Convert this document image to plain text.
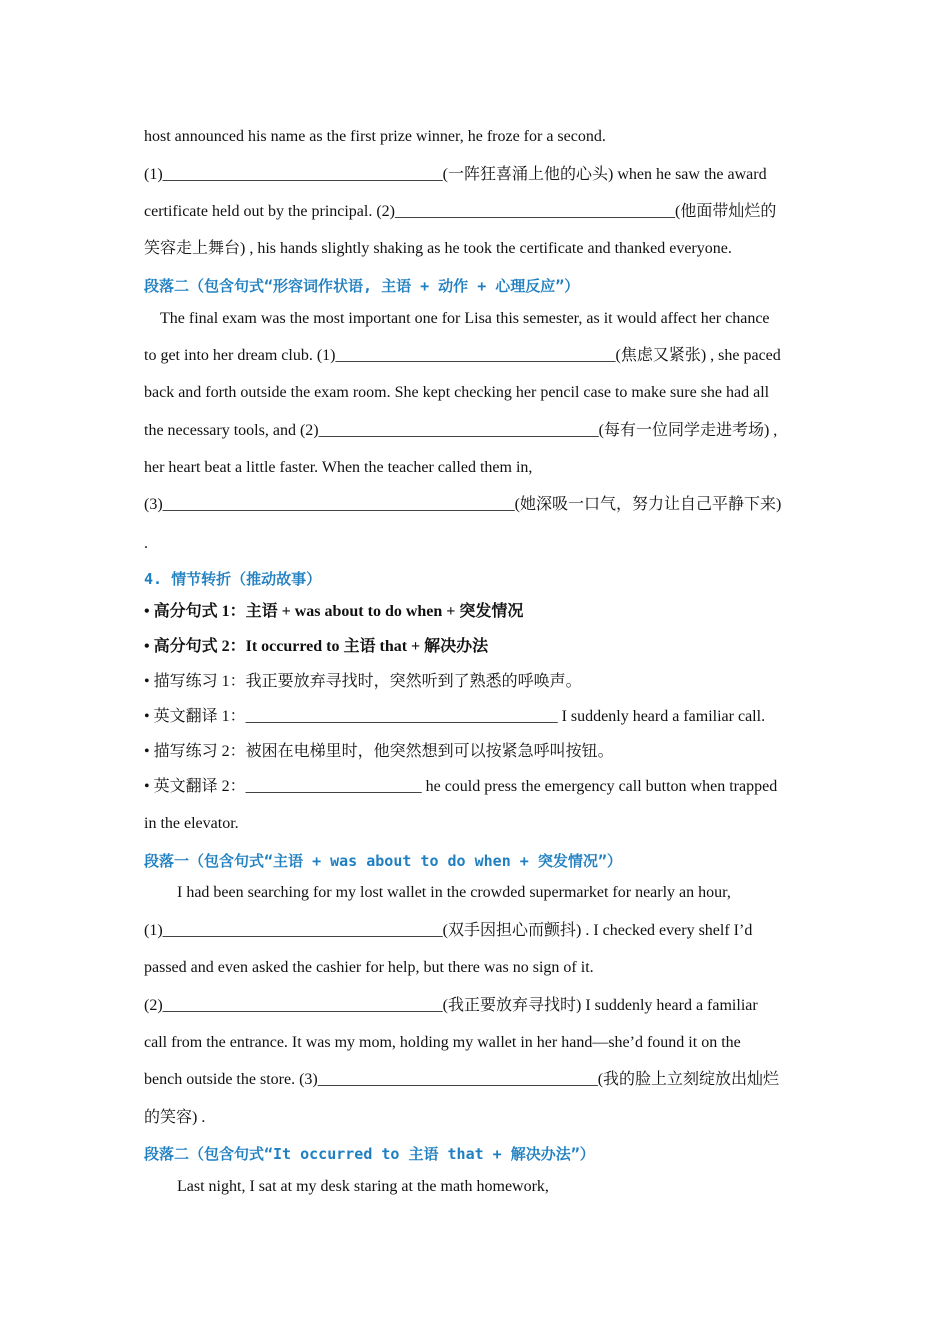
host announced his name as the first prize winner, he froze for a second.
(1)___________________________________(一阵狂喜涌上他的心头) when he saw the award
certificate held out by the principal. (2)___________________________________(他面带灿烂的
笑容走上舞台) , his hands slightly shaking as he took the certificate and thanked everyone.
段落二（包含句式“形容词作状语, 主语 + 动作 + 心理反应”）
The final exam was the most important one for Lisa this semester, as it would affect her chance
to get into her dream club. (1)___________________________________(焦虑又紧张) , she paced
back and forth outside the exam room. She kept checking her pencil case to make sure she had all
the necessary tools, and (2)___________________________________(每有一位同学走进考场) ,
her heart beat a little faster. When the teacher called them in,
(3)____________________________________________(她深吸一口气，努力让自己平静下来)
.
4. 情节转折（推动故事）
• 高分句式 1：主语 + was about to do when + 突发情况
• 高分句式 2：It occurred to 主语 that + 解决办法
• 描写练习 1：我正要放弃寻找时，突然听到了熟悉的呼唤声。
• 英文翻译 1：_______________________________________ I suddenly heard a familiar call.
• 描写练习 2：被困在电梯里时，他突然想到可以按紧急呼叫按钮。
• 英文翻译 2：______________________ he could press the emergency call button when trapped
in the elevator.
段落一（包含句式“主语 + was about to do when + 突发情况”）
I had been searching for my lost wallet in the crowded supermarket for nearly an hour,
(1)___________________________________(双手因担心而颤抖) . I checked every shelf I’d
passed and even asked the cashier for help, but there was no sign of it.
(2)___________________________________(我正要放弃寻找时) I suddenly heard a familiar
call from the entrance. It was my mom, holding my wallet in her hand—she’d found it on the
bench outside the store. (3)___________________________________(我的脸上立刻绽放出灿烂
的笑容) .
段落二（包含句式“It occurred to 主语 that + 解决办法”）
Last night, I sat at my desk staring at the math homework,
